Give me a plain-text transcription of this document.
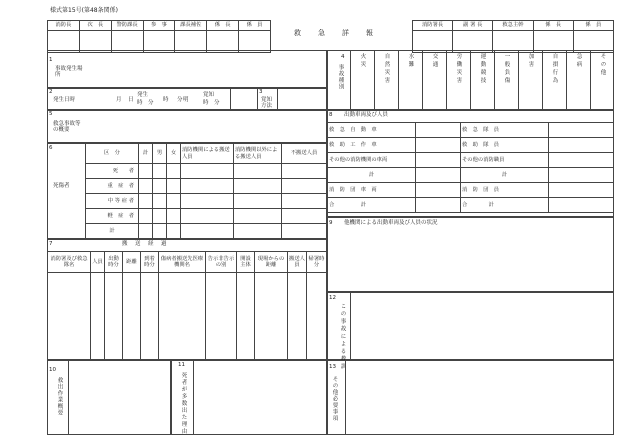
様式第15号(第48条関係)
消防長	次　長	警防課長	参　事	課長補佐	係　長	係　員

救　　急　　詳　　報
消防署長	副 署 長	救急主幹	係　長	係　員

1
事故発生場　　所
2
発生日時	月 日
発生
時　分 時 分 明
覚知
時　分
3
覚知方法
4
事故種別
火災	自然災害	水難	交通	労働災害	運動競技	一般負傷	加害	自損行為	急病	その他
5
救急事故等の概要
6
死傷者
区　分	計	男	女	消防機関による搬送人員	消防機関以外による搬送人員	不搬送人員
死　　者						
重　症　者						
中 等 症 者						
軽　症　者						
計						
8 出動車両及び人員
救　急　自　動　車		救　急　隊　員	
救　助　工　作　車		救　助　隊　員	
その他の消防機関の車両		その他の消防職員	
計		計	
消　防　団　車　両		消　防　団　員	
合　　　　　計		合　　　　計	
9 他機関による出動車両及び人員の状況
7	搬　送　経　過
消防署及び救急隊名	人員	出動時分	距離	到着時分	傷病者搬送先医療機関名	告示非告示の別	開設主体	現場からの距離	搬送人員	帰署時分

12
この事故による教訓
10
救出作業概要
11
死者が多数出た理由
13
その他必要事項
